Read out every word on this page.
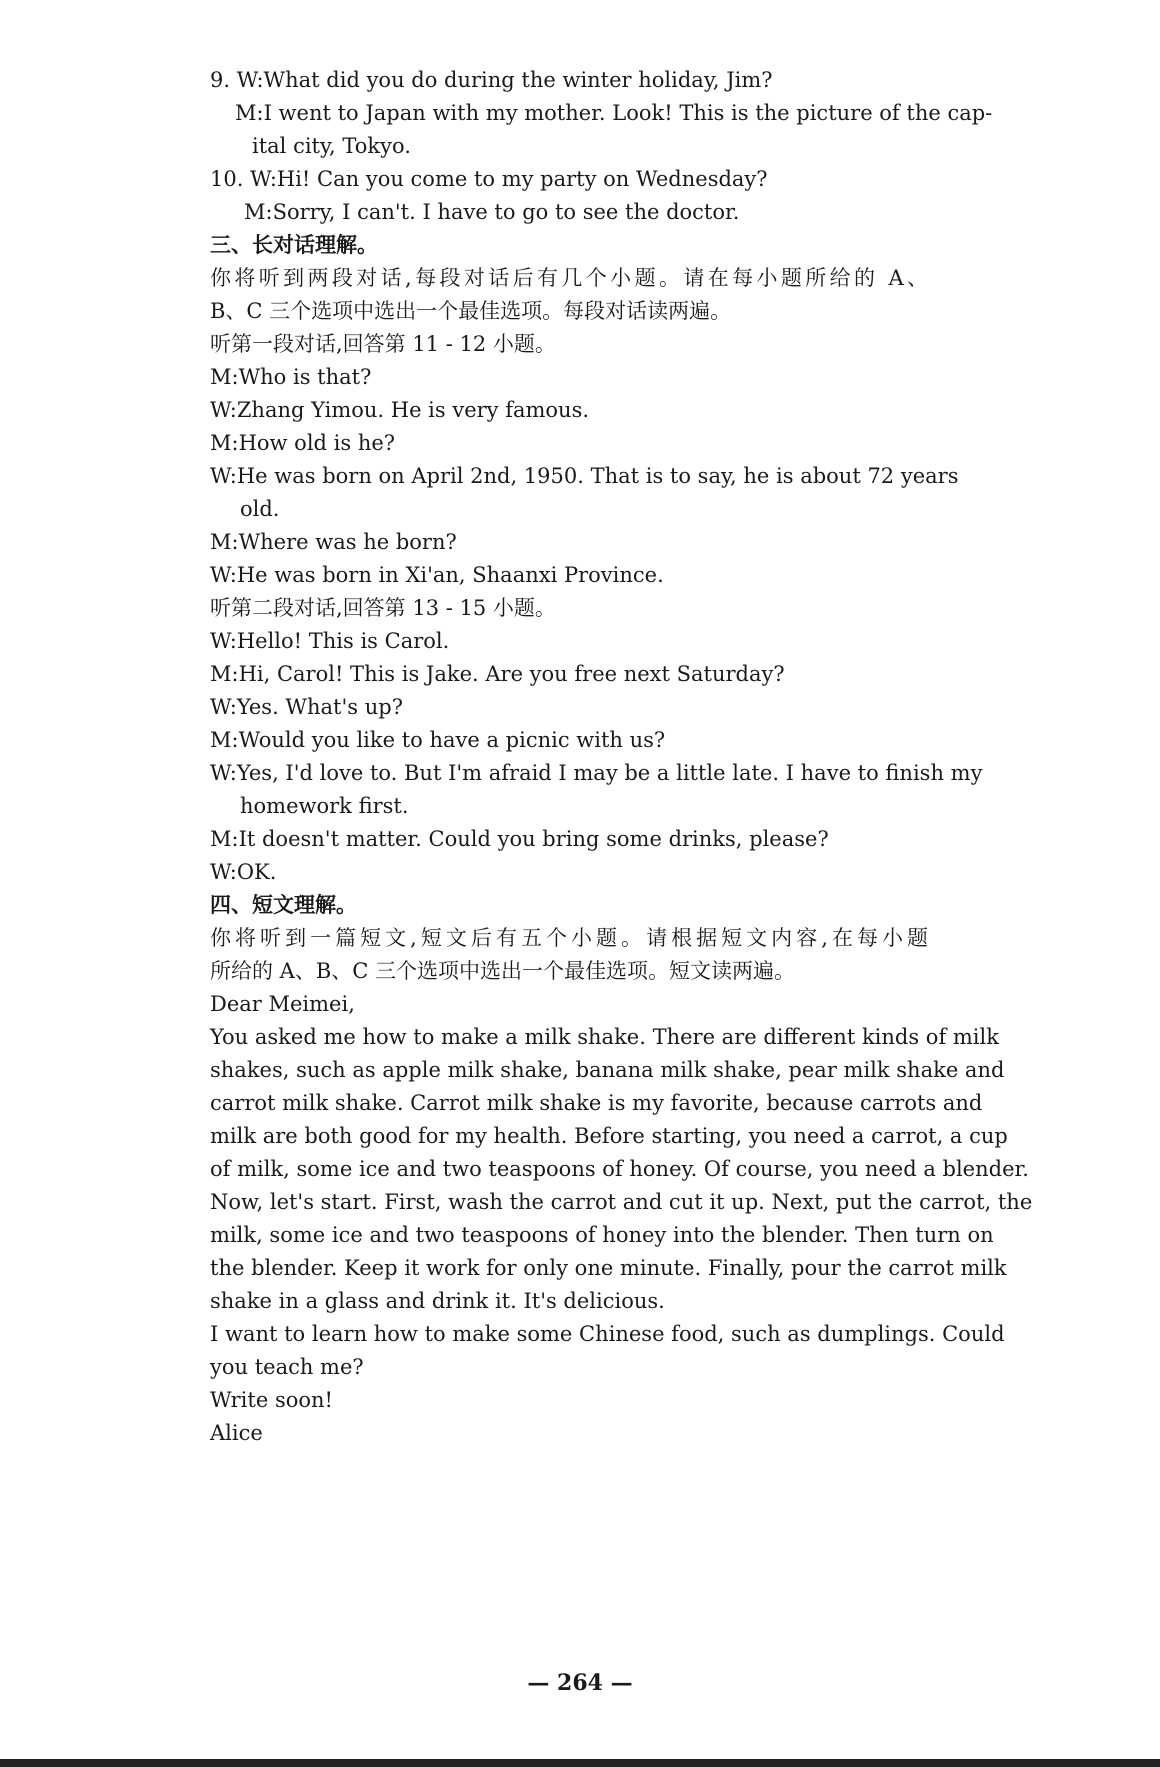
9. W:What did you do during the winter holiday, Jim?
M:I went to Japan with my mother. Look! This is the picture of the cap-
ital city, Tokyo.
10. W:Hi! Can you come to my party on Wednesday?
M:Sorry, I can't. I have to go to see the doctor.
三、长对话理解。
你将听到两段对话,每段对话后有几个小题。请在每小题所给的 A、
B、C 三个选项中选出一个最佳选项。每段对话读两遍。
听第一段对话,回答第 11 - 12 小题。
M:Who is that?
W:Zhang Yimou. He is very famous.
M:How old is he?
W:He was born on April 2nd, 1950. That is to say, he is about 72 years
old.
M:Where was he born?
W:He was born in Xi'an, Shaanxi Province.
听第二段对话,回答第 13 - 15 小题。
W:Hello! This is Carol.
M:Hi, Carol! This is Jake. Are you free next Saturday?
W:Yes. What's up?
M:Would you like to have a picnic with us?
W:Yes, I'd love to. But I'm afraid I may be a little late. I have to finish my
homework first.
M:It doesn't matter. Could you bring some drinks, please?
W:OK.
四、短文理解。
你将听到一篇短文,短文后有五个小题。请根据短文内容,在每小题
所给的 A、B、C 三个选项中选出一个最佳选项。短文读两遍。
Dear Meimei,
You asked me how to make a milk shake. There are different kinds of milk
shakes, such as apple milk shake, banana milk shake, pear milk shake and
carrot milk shake. Carrot milk shake is my favorite, because carrots and
milk are both good for my health. Before starting, you need a carrot, a cup
of milk, some ice and two teaspoons of honey. Of course, you need a blender.
Now, let's start. First, wash the carrot and cut it up. Next, put the carrot, the
milk, some ice and two teaspoons of honey into the blender. Then turn on
the blender. Keep it work for only one minute. Finally, pour the carrot milk
shake in a glass and drink it. It's delicious.
I want to learn how to make some Chinese food, such as dumplings. Could
you teach me?
Write soon!
Alice
— 264 —
